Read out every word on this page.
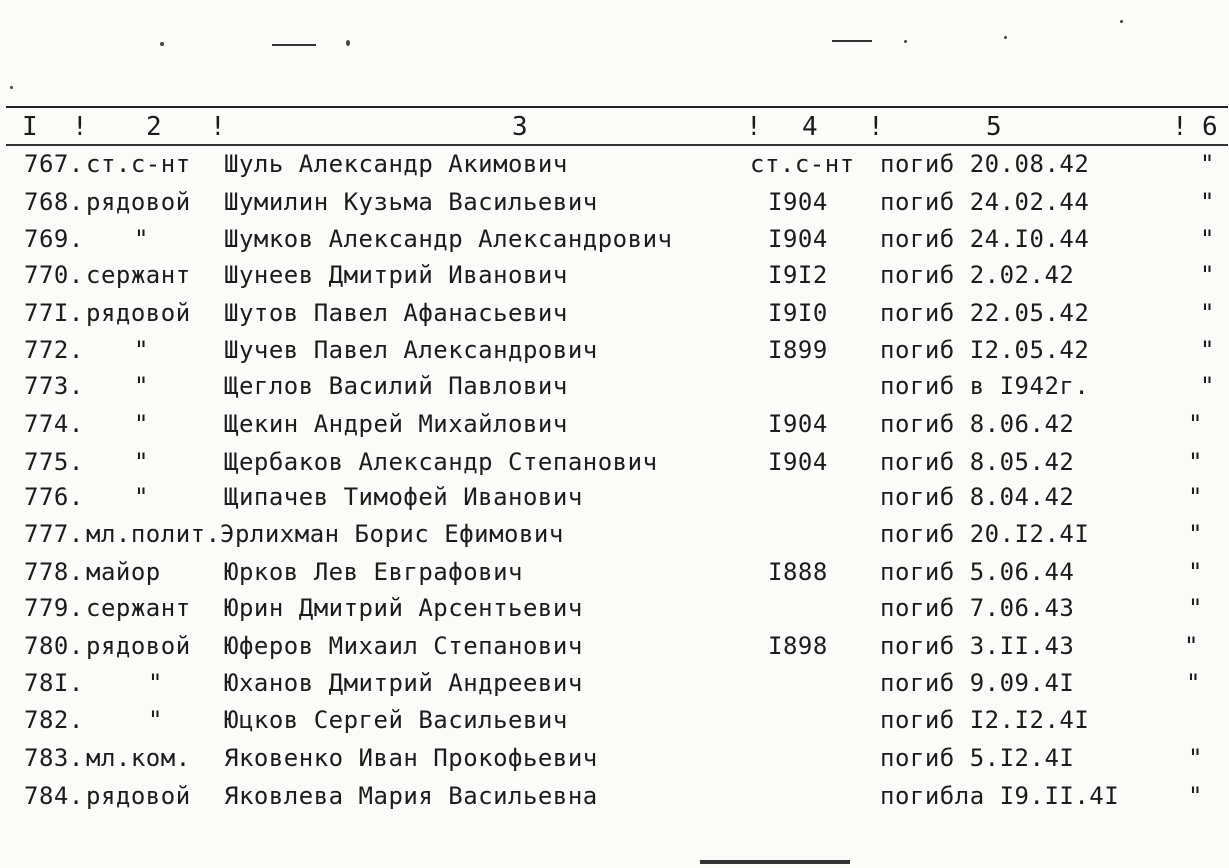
I ! 2 !	3	! 4 !	5	! 6
767. ст.с-нт Шуль Александр Акимович	ст.с-нт погиб 20.08.42	"
768. рядовой Шумилин Кузьма Васильевич	I904 погиб 24.02.44	"
769. "	Шумков Александр Александрович	I904 погиб 24.I0.44	"
770. сержант Шунеев Дмитрий Иванович	I9I2 погиб 2.02.42	"
77I. рядовой Шутов Павел Афанасьевич	I9I0 погиб 22.05.42	"
772. "	Шучев Павел Александрович	I899 погиб I2.05.42	"
773. "	Щеглов Василий Павлович	погиб в I942г.	"
774. "	Щекин Андрей Михайлович	I904 погиб 8.06.42	"
775. "	Щербаков Александр Степанович	I904 погиб 8.05.42	"
776. "	Щипачев Тимофей Иванович	погиб 8.04.42	"
777. мл.полит. Эрлихман Борис Ефимович	погиб 20.I2.4I	"
778. майор	Юрков Лев Евграфович	I888 погиб 5.06.44	"
779. сержант Юрин Дмитрий Арсентьевич	погиб 7.06.43	"
780. рядовой Юферов Михаил Степанович	I898 погиб 3.II.43	"
78I.	"	Юханов Дмитрий Андреевич	погиб 9.09.4I	"
782.	"	Юцков Сергей Васильевич	погиб I2.I2.4I
783. мл.ком. Яковенко Иван Прокофьевич	погиб 5.I2.4I	"
784. рядовой Яковлева Мария Васильевна	погибла I9.II.4I	"
